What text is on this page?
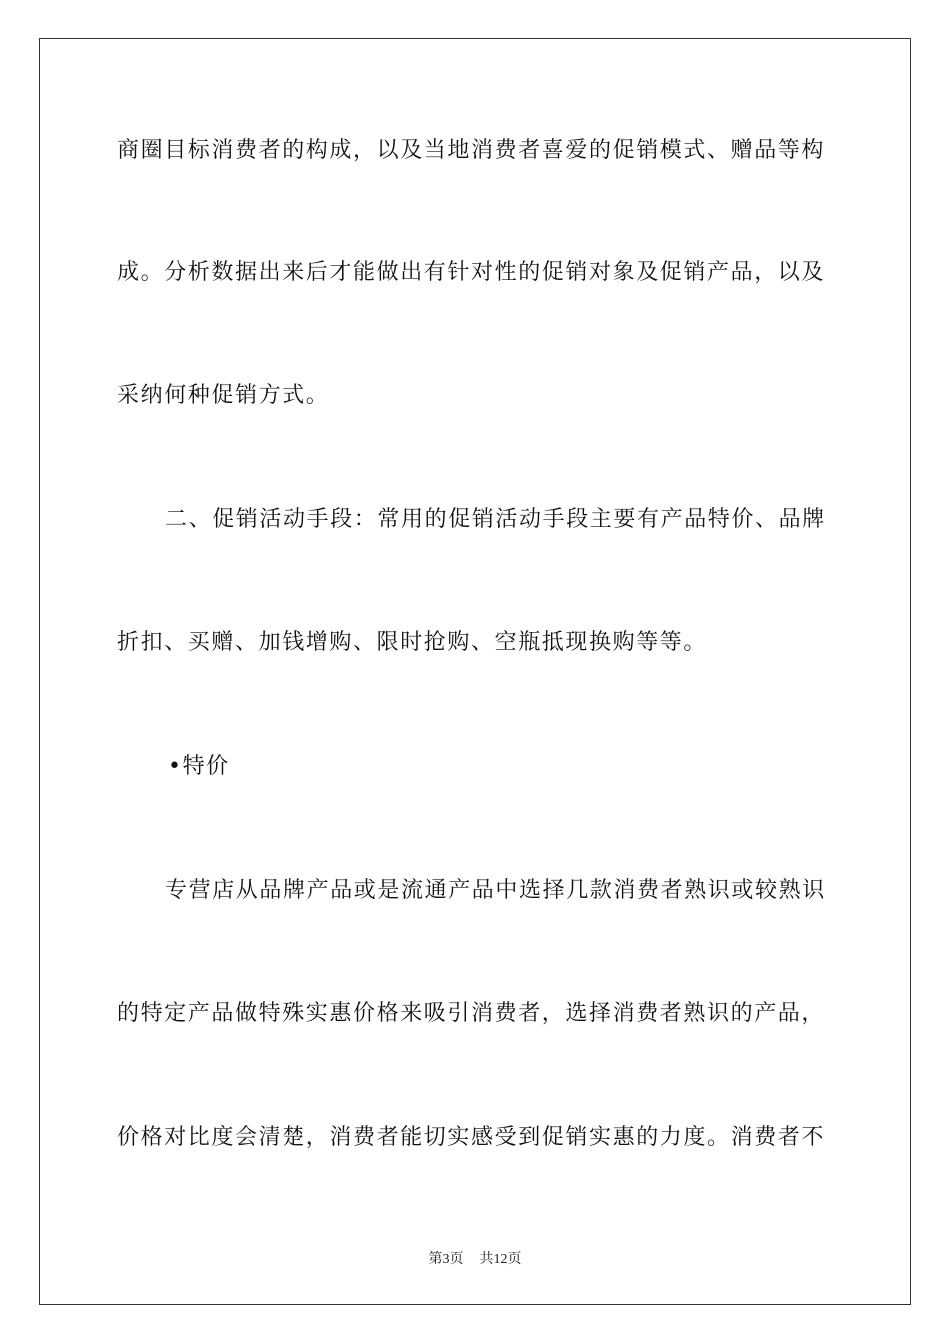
商圈目标消费者的构成，以及当地消费者喜爱的促销模式、赠品等构
成。分析数据出来后才能做出有针对性的促销对象及促销产品，以及
采纳何种促销方式。
二、促销活动手段：常用的促销活动手段主要有产品特价、品牌
折扣、买赠、加钱增购、限时抢购、空瓶抵现换购等等。
•特价
专营店从品牌产品或是流通产品中选择几款消费者熟识或较熟识
的特定产品做特殊实惠价格来吸引消费者，选择消费者熟识的产品，
价格对比度会清楚，消费者能切实感受到促销实惠的力度。消费者不
第3页 共12页
